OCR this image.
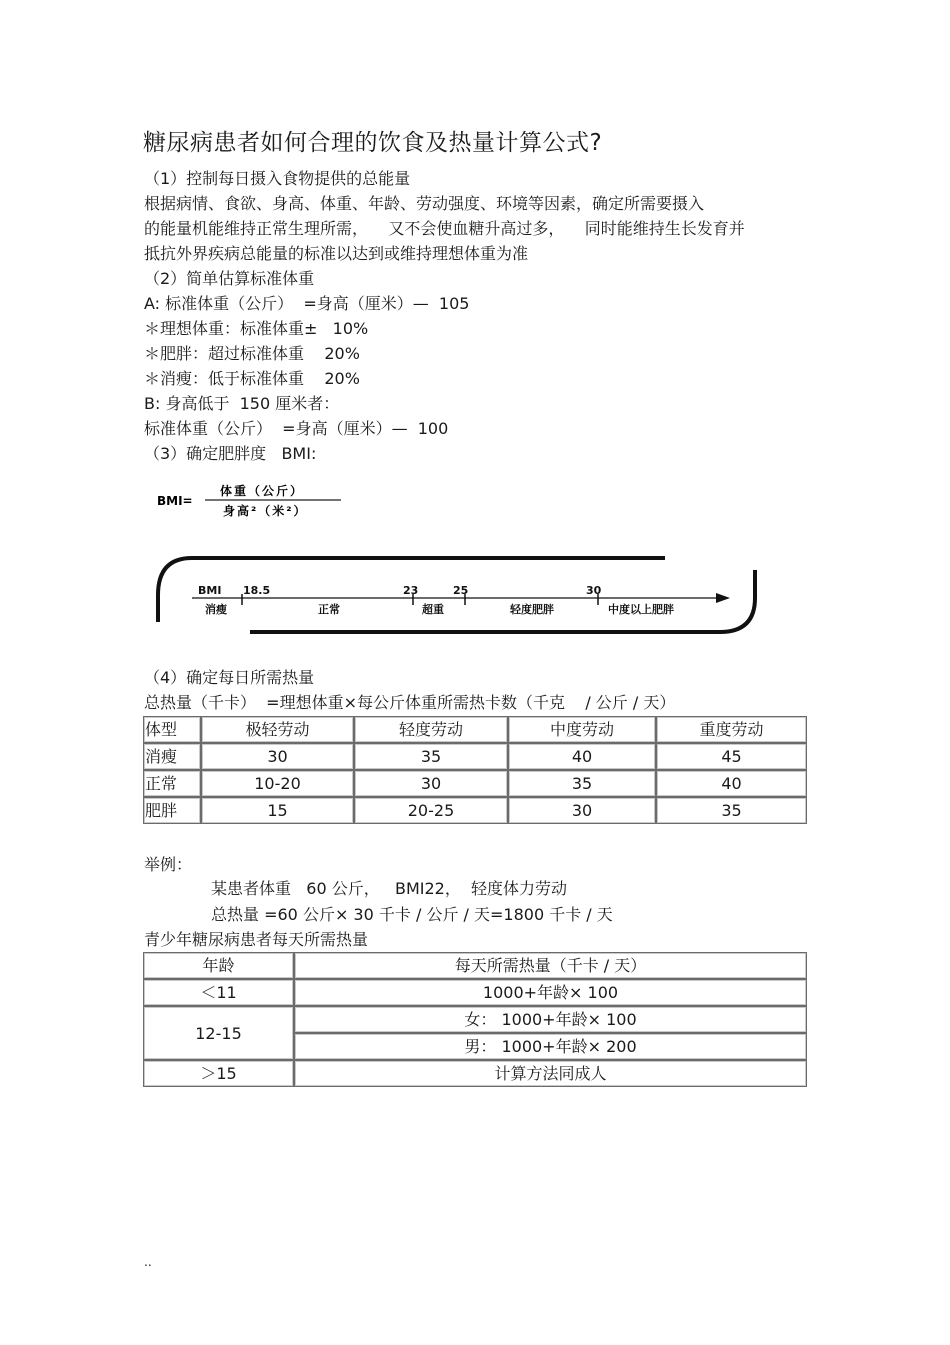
糖尿病患者如何合理的饮食及热量计算公式?
（1）控制每日摄入食物提供的总能量
根据病情、食欲、身高、体重、年龄、劳动强度、环境等因素，确定所需要摄入
的能量机能维持正常生理所需，    又不会使血糖升高过多，    同时能维持生长发育并
抵抗外界疾病总能量的标准以达到或维持理想体重为准
（2）简单估算标准体重
A: 标准体重（公斤）  =身高（厘米）—  105
＊理想体重：标准体重±   10%
＊肥胖：超过标准体重    20%
＊消瘦：低于标准体重    20%
B: 身高低于  150 厘米者：
标准体重（公斤）  =身高（厘米）—  100
（3）确定肥胖度   BMI:
BMI=
体重（公斤）
身高²（米²）
BMI 18.5	23	25	30
消瘦	正常	超重	轻度肥胖	中度以上肥胖
（4）确定每日所需热量
总热量（千卡）  =理想体重×每公斤体重所需热卡数（千克    / 公斤 / 天）
体型	极轻劳动	轻度劳动	中度劳动	重度劳动
消瘦	30	35	40	45
正常	10-20	30	35	40
肥胖	15	20-25	30	35
举例：
某患者体重   60 公斤，   BMI22，  轻度体力劳动
总热量 =60 公斤× 30 千卡 / 公斤 / 天=1800 千卡 / 天
青少年糖尿病患者每天所需热量
年龄	每天所需热量（千卡 / 天）
＜11	1000+年龄× 100
12-15	女： 1000+年龄× 100
	男： 1000+年龄× 200
＞15	计算方法同成人
..
